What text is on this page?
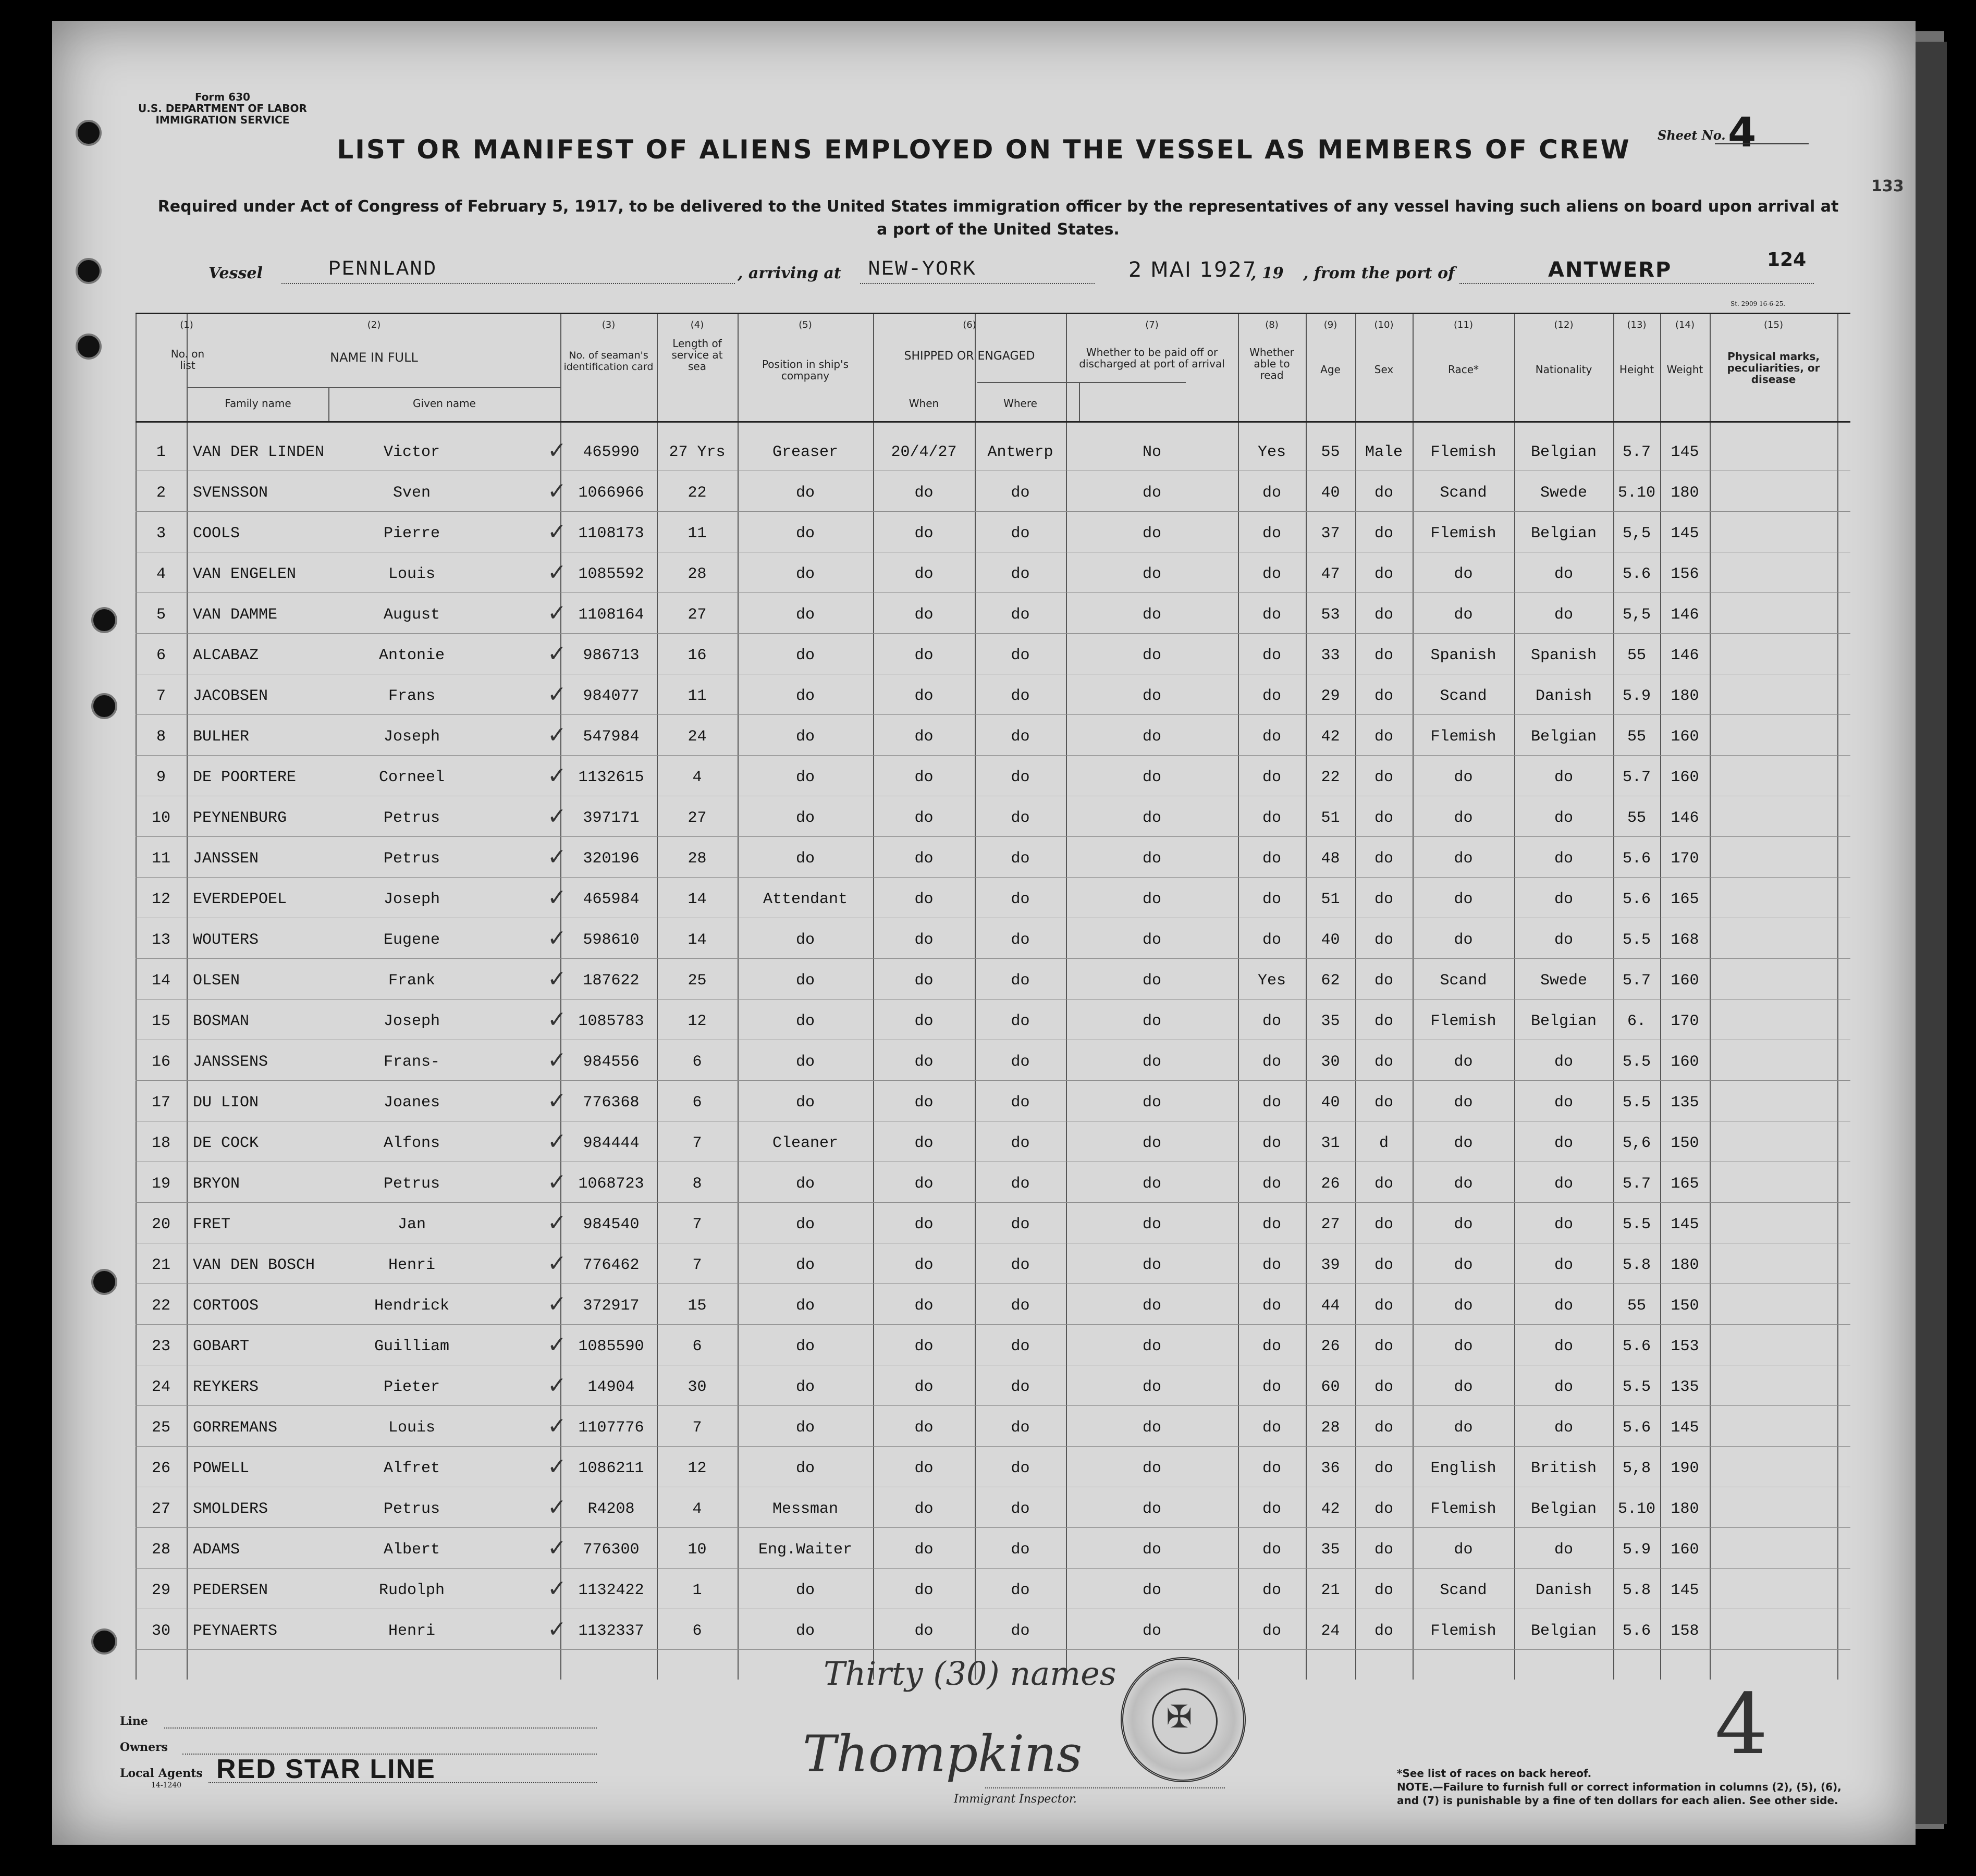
Form 630
U.S. DEPARTMENT OF LABOR
IMMIGRATION SERVICE
LIST OR MANIFEST OF ALIENS EMPLOYED ON THE VESSEL AS MEMBERS OF CREW
Required under Act of Congress of February 5, 1917, to be delivered to the United States immigration officer by the representatives of any vessel having such aliens on board upon arrival at a port of the United States.
Sheet No. 4
133
Vessel	PENNLAND	, arriving at NEW-YORK	2 MAI 1927
, 19 , from the port of	ANTWERP	124
St. 2909 16-6-25.
(1)	(2)	(3)	(4)	(5)	(6)	(7)	(8)	(9)	(10)	(11)	(12)	(13)	(14)	(15)
No. on list
NAME IN FULL
Family name	Given name
No. of seaman's identification card
Length of service at sea	Position in ship's company
SHIPPED OR ENGAGED
When	Where
Whether to be paid off or discharged at port of arrival
Whether able to read	Age	Sex	Race*	Nationality	Height	Weight
Physical marks, peculiarities, or disease
1	VAN DER LINDEN	Victor	465990	27 Yrs	Greaser	20/4/27	Antwerp	No	Yes	55	Male	Flemish	Belgian	5.7	145
✓
2	SVENSSON	Sven	1066966	22	do	do	do	do	do	40	do	Scand	Swede	5.10 180
✓
3	COOLS	Pierre	1108173	11	do	do	do	do	do	37	do	Flemish	Belgian	5,5	145
✓
4	VAN ENGELEN	Louis	1085592	28	do	do	do	do	do	47	do	do	do	5.6	156
✓
5	VAN DAMME	August	1108164	27	do	do	do	do	do	53	do	do	do	5,5	146
✓
6	ALCABAZ	Antonie	986713	16	do	do	do	do	do	33	do	Spanish	Spanish	55	146
✓
7	JACOBSEN	Frans	984077	11	do	do	do	do	do	29	do	Scand	Danish	5.9	180
✓
8	BULHER	Joseph	547984	24	do	do	do	do	do	42	do	Flemish	Belgian	55	160
✓
9	DE POORTERE	Corneel	1132615	4	do	do	do	do	do	22	do	do	do	5.7	160
✓
10	PEYNENBURG	Petrus	397171	27	do	do	do	do	do	51	do	do	do	55	146
✓
11	JANSSEN	Petrus	320196	28	do	do	do	do	do	48	do	do	do	5.6	170
✓
12	EVERDEPOEL	Joseph	465984	14	Attendant	do	do	do	do	51	do	do	do	5.6	165
✓
13	WOUTERS	Eugene	598610	14	do	do	do	do	do	40	do	do	do	5.5	168
✓
14	OLSEN	Frank	187622	25	do	do	do	do	Yes	62	do	Scand	Swede	5.7	160
✓
15	BOSMAN	Joseph	1085783	12	do	do	do	do	do	35	do	Flemish	Belgian	6.	170
✓
16	JANSSENS	Frans-	984556	6	do	do	do	do	do	30	do	do	do	5.5	160
✓
17	DU LION	Joanes	776368	6	do	do	do	do	do	40	do	do	do	5.5	135
✓
18	DE COCK	Alfons	984444	7	Cleaner	do	do	do	do	31	d	do	do	5,6	150
✓
19	BRYON	Petrus	1068723	8	do	do	do	do	do	26	do	do	do	5.7	165
✓
20	FRET	Jan	984540	7	do	do	do	do	do	27	do	do	do	5.5	145
✓
21	VAN DEN BOSCH	Henri	776462	7	do	do	do	do	do	39	do	do	do	5.8	180
✓
22	CORTOOS	Hendrick	372917	15	do	do	do	do	do	44	do	do	do	55	150
✓
23	GOBART	Guilliam	1085590	6	do	do	do	do	do	26	do	do	do	5.6	153
✓
24	REYKERS	Pieter	14904	30	do	do	do	do	do	60	do	do	do	5.5	135
✓
25	GORREMANS	Louis	1107776	7	do	do	do	do	do	28	do	do	do	5.6	145
✓
26	POWELL	Alfret	1086211	12	do	do	do	do	do	36	do	English	British	5,8	190
✓
27	SMOLDERS	Petrus	R4208	4	Messman	do	do	do	do	42	do	Flemish	Belgian	5.10 180
✓
28	ADAMS	Albert	776300	10	Eng.Waiter	do	do	do	do	35	do	do	do	5.9	160
✓
29	PEDERSEN	Rudolph	1132422	1	do	do	do	do	do	21	do	Scand	Danish	5.8	145
✓
30	PEYNAERTS	Henri	1132337	6	do	do	do	do	do	24	do	Flemish	Belgian	5.6	158
✓
Thirty (30) names
Thompkins
Immigrant Inspector.
✠	4
Line
Owners
Local Agents
14-1240
RED STAR LINE	*See list of races on back hereof.
NOTE.—Failure to furnish full or correct information in columns (2), (5), (6), and (7) is punishable by a fine of ten dollars for each alien. See other side.
